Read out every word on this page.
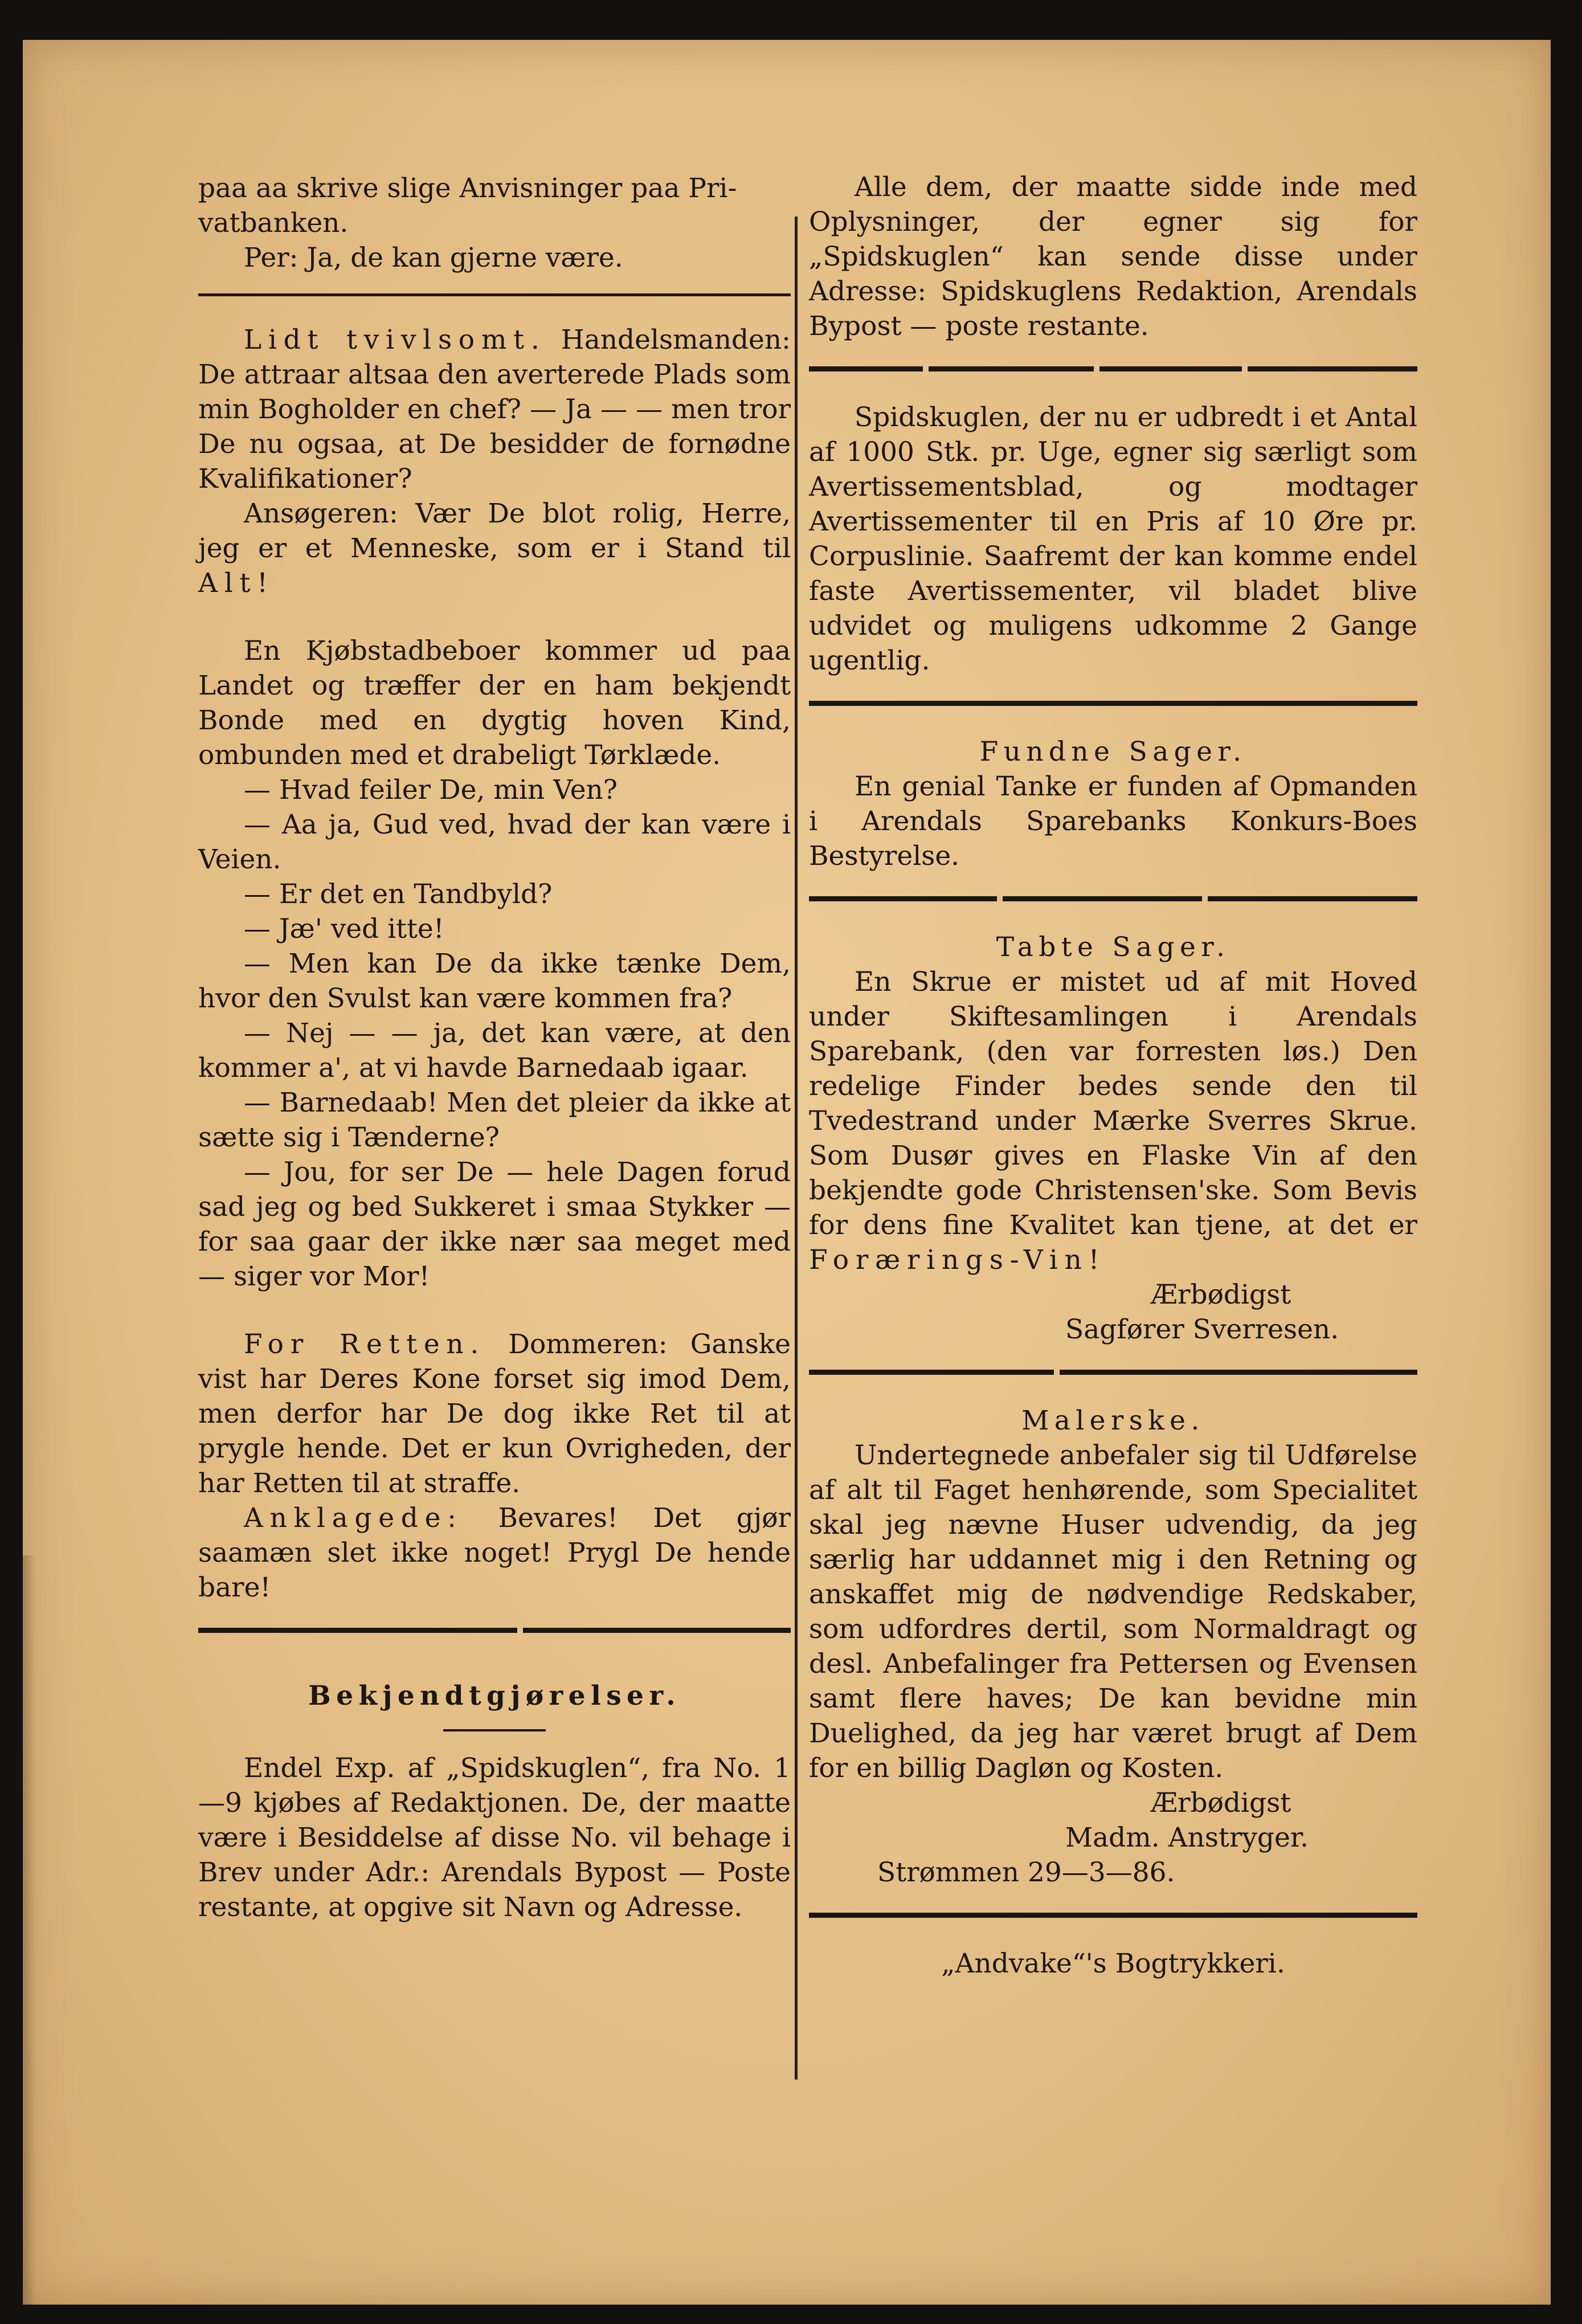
paa aa skrive slige Anvisninger paa Pri-

vatbanken.

Per: Ja, de kan gjerne være.

Lidt tvivlsomt. Handelsmanden: De attraar altsaa den averterede Plads som min Bogholder en chef? — Ja — — men tror De nu ogsaa, at De besidder de fornødne Kvalifikationer?

Ansøgeren: Vær De blot rolig, Herre, jeg er et Menneske, som er i Stand til Alt!

En Kjøbstadbeboer kommer ud paa Landet og træffer der en ham bekjendt Bonde med en dygtig hoven Kind, ombunden med et drabeligt Tørklæde.

— Hvad feiler De, min Ven?

— Aa ja, Gud ved, hvad der kan være i Veien.

— Er det en Tandbyld?

— Jæ' ved itte!

— Men kan De da ikke tænke Dem, hvor den Svulst kan være kommen fra?

— Nej — — ja, det kan være, at den kommer a', at vi havde Barnedaab igaar.

— Barnedaab! Men det pleier da ikke at sætte sig i Tænderne?

— Jou, for ser De — hele Dagen forud sad jeg og bed Sukkeret i smaa Stykker — for saa gaar der ikke nær saa meget med — siger vor Mor!

For Retten. Dommeren: Ganske vist har Deres Kone forset sig imod Dem, men derfor har De dog ikke Ret til at prygle hende. Det er kun Ovrigheden, der har Retten til at straffe.

Anklagede: Bevares! Det gjør saamæn slet ikke noget! Prygl De hende bare!

Bekjendtgjørelser.

Endel Exp. af „Spidskuglen“, fra No. 1—9 kjøbes af Redaktjonen. De, der maatte være i Besiddelse af disse No. vil behage i Brev under Adr.: Arendals Bypost — Poste restante, at opgive sit Navn og Adresse.

Alle dem, der maatte sidde inde med Oplysninger, der egner sig for „Spidskuglen“ kan sende disse under Adresse: Spidskuglens Redaktion, Arendals Bypost — poste restante.

Spidskuglen, der nu er udbredt i et Antal af 1000 Stk. pr. Uge, egner sig særligt som Avertissementsblad, og modtager Avertissementer til en Pris af 10 Øre pr. Corpuslinie. Saafremt der kan komme endel faste Avertissementer, vil bladet blive udvidet og muligens udkomme 2 Gange ugentlig.

Fundne Sager.

En genial Tanke er funden af Opmanden i Arendals Sparebanks Konkurs-Boes Bestyrelse.

Tabte Sager.

En Skrue er mistet ud af mit Hoved under Skiftesamlingen i Arendals Sparebank, (den var forresten løs.) Den redelige Finder bedes sende den til Tvedestrand under Mærke Sverres Skrue. Som Dusør gives en Flaske Vin af den bekjendte gode Christensen'ske. Som Bevis for dens fine Kvalitet kan tjene, at det er Forærings-Vin!

Ærbødigst

Sagfører Sverresen.

Malerske.

Undertegnede anbefaler sig til Udførelse af alt til Faget henhørende, som Specialitet skal jeg nævne Huser udvendig, da jeg særlig har uddannet mig i den Retning og anskaffet mig de nødvendige Redskaber, som udfordres dertil, som Normaldragt og desl. Anbefalinger fra Pettersen og Evensen samt flere haves; De kan bevidne min Duelighed, da jeg har været brugt af Dem for en billig Dagløn og Kosten.

Ærbødigst

Madm. Anstryger.

Strømmen 29—3—86.

„Andvake“'s Bogtrykkeri.
